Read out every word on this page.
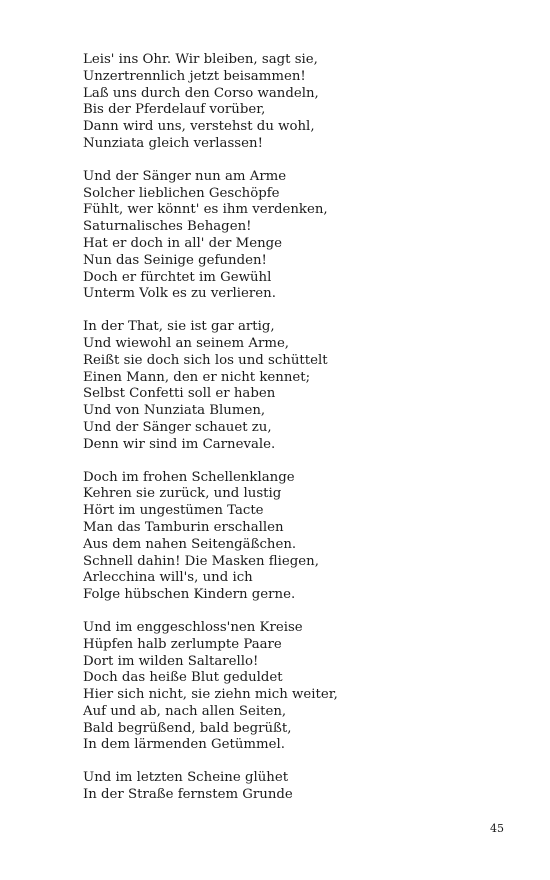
Leis' ins Ohr. Wir bleiben, sagt sie,
Unzertrennlich jetzt beisammen!
Laß uns durch den Corso wandeln,
Bis der Pferdelauf vorüber,
Dann wird uns, verstehst du wohl,
Nunziata gleich verlassen!
Und der Sänger nun am Arme
Solcher lieblichen Geschöpfe
Fühlt, wer könnt' es ihm verdenken,
Saturnalisches Behagen!
Hat er doch in all' der Menge
Nun das Seinige gefunden!
Doch er fürchtet im Gewühl
Unterm Volk es zu verlieren.
In der That, sie ist gar artig,
Und wiewohl an seinem Arme,
Reißt sie doch sich los und schüttelt
Einen Mann, den er nicht kennet;
Selbst Confetti soll er haben
Und von Nunziata Blumen,
Und der Sänger schauet zu,
Denn wir sind im Carnevale.
Doch im frohen Schellenklange
Kehren sie zurück, und lustig
Hört im ungestümen Tacte
Man das Tamburin erschallen
Aus dem nahen Seitengäßchen.
Schnell dahin! Die Masken fliegen,
Arlecchina will's, und ich
Folge hübschen Kindern gerne.
Und im enggeschloss'nen Kreise
Hüpfen halb zerlumpte Paare
Dort im wilden Saltarello!
Doch das heiße Blut geduldet
Hier sich nicht, sie ziehn mich weiter,
Auf und ab, nach allen Seiten,
Bald begrüßend, bald begrüßt,
In dem lärmenden Getümmel.
Und im letzten Scheine glühet
In der Straße fernstem Grunde
45
